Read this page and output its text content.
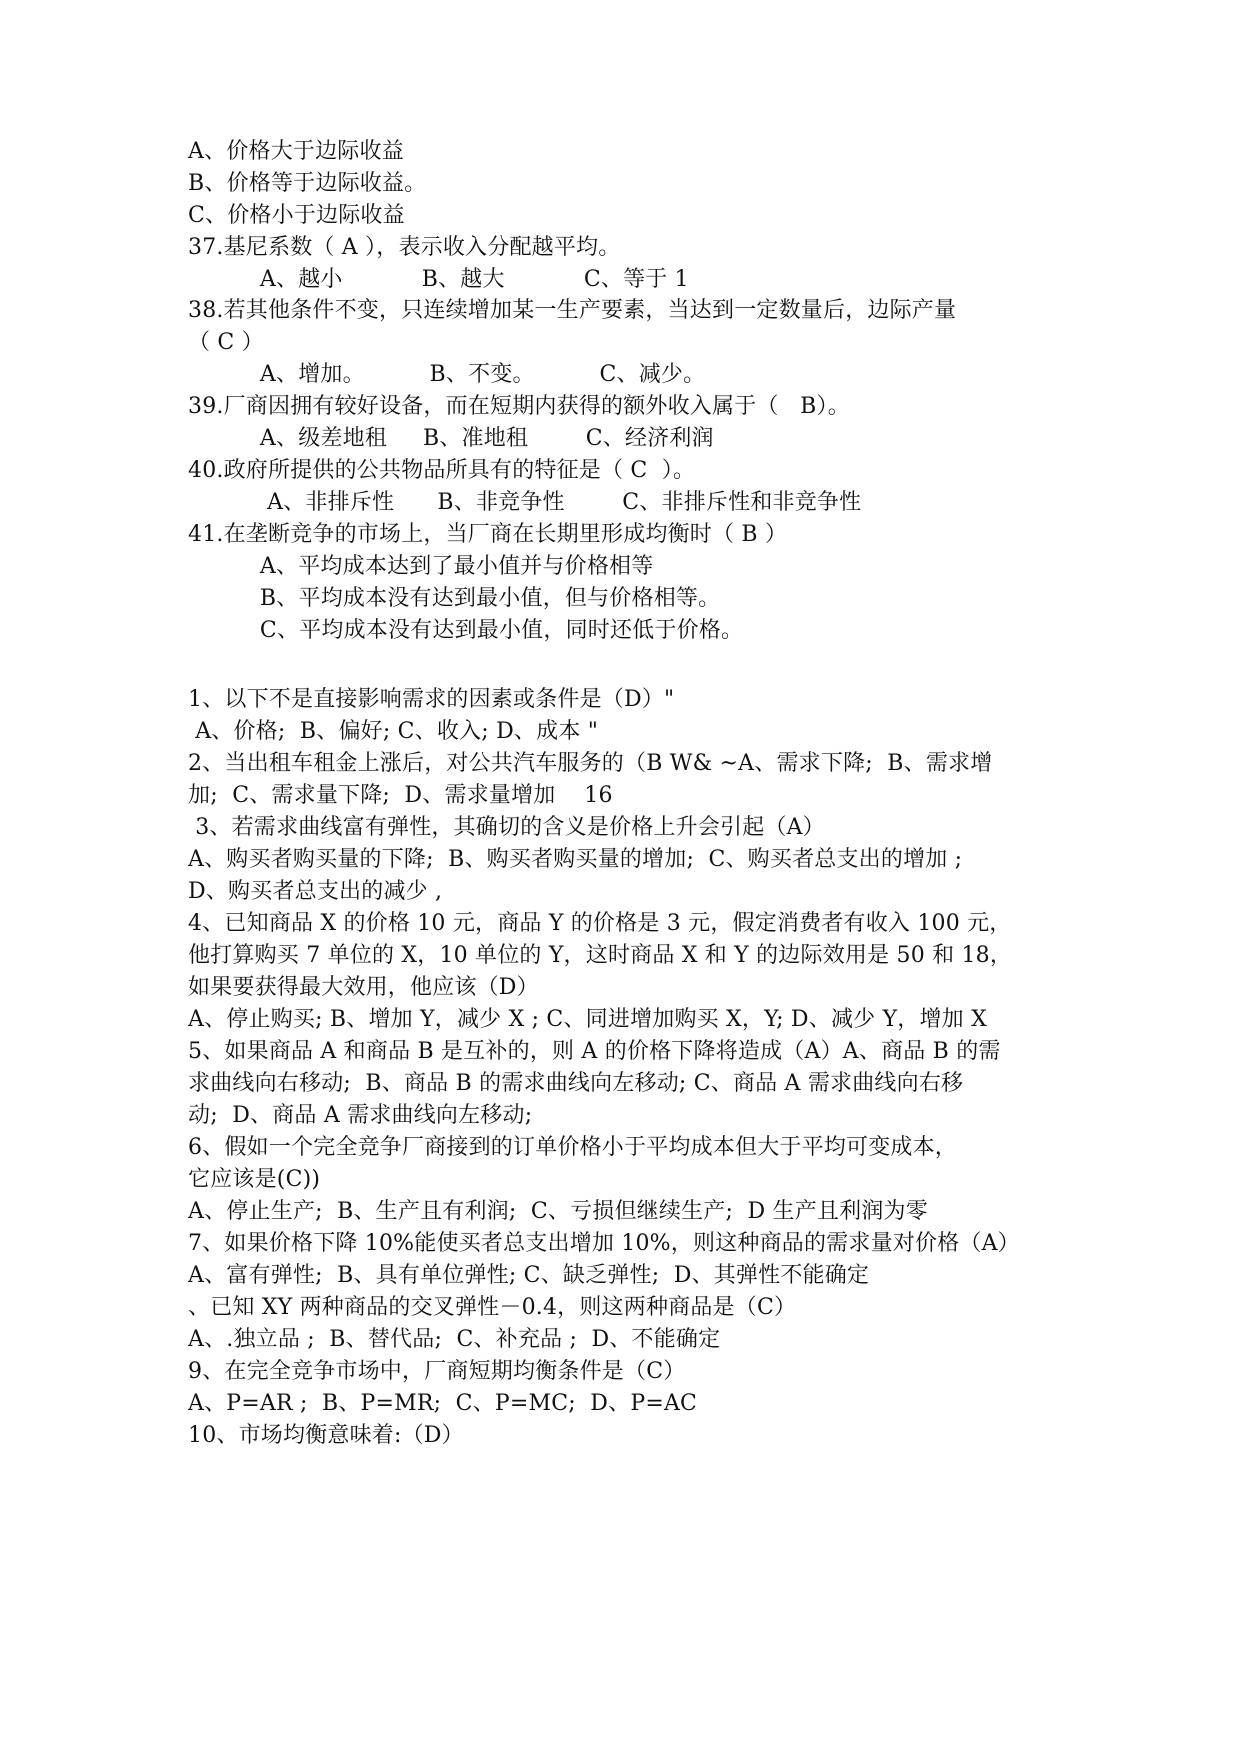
A、价格大于边际收益
B、价格等于边际收益。
C、价格小于边际收益
37.基尼系数（ A ），表示收入分配越平均。
A、越小           B、越大           C、等于 1
38.若其他条件不变，只连续增加某一生产要素，当达到一定数量后，边际产量
（ C ）
A、增加。         B、不变。         C、减少。
39.厂商因拥有较好设备，而在短期内获得的额外收入属于（   B）。
A、级差地租     B、准地租        C、经济利润
40.政府所提供的公共物品所具有的特征是（ C  ）。
A、非排斥性      B、非竞争性        C、非排斥性和非竞争性
41.在垄断竞争的市场上，当厂商在长期里形成均衡时（ B ）
A、平均成本达到了最小值并与价格相等
B、平均成本没有达到最小值，但与价格相等。
C、平均成本没有达到最小值，同时还低于价格。
1、以下不是直接影响需求的因素或条件是（D）"
A、价格;  B、偏好; C、收入; D、成本 "
2、当出租车租金上涨后，对公共汽车服务的（B W& ~A、需求下降;  B、需求增
加;  C、需求量下降;  D、需求量增加    16
3、若需求曲线富有弹性，其确切的含义是价格上升会引起（A）
A、购买者购买量的下降;  B、购买者购买量的增加;  C、购买者总支出的增加 ;
D、购买者总支出的减少 ,
4、已知商品 X 的价格 10 元，商品 Y 的价格是 3 元，假定消费者有收入 100 元，
他打算购买 7 单位的 X，10 单位的 Y，这时商品 X 和 Y 的边际效用是 50 和 18，
如果要获得最大效用，他应该（D）
A、停止购买; B、增加 Y，减少 X ; C、同进增加购买 X，Y; D、减少 Y，增加 X
5、如果商品 A 和商品 B 是互补的，则 A 的价格下降将造成（A）A、商品 B 的需
求曲线向右移动;  B、商品 B 的需求曲线向左移动; C、商品 A 需求曲线向右移
动;  D、商品 A 需求曲线向左移动;
6、假如一个完全竞争厂商接到的订单价格小于平均成本但大于平均可变成本，
它应该是(C))
A、停止生产;  B、生产且有利润;  C、亏损但继续生产;  D 生产且利润为零
7、如果价格下降 10%能使买者总支出增加 10%，则这种商品的需求量对价格（A）
A、富有弹性;  B、具有单位弹性; C、缺乏弹性;  D、其弹性不能确定
、已知 XY 两种商品的交叉弹性－0.4，则这两种商品是（C）
A、.独立品 ;  B、替代品;  C、补充品 ;  D、不能确定
9、在完全竞争市场中，厂商短期均衡条件是（C）
A、P=AR ;  B、P=MR;  C、P=MC;  D、P=AC
10、市场均衡意味着:（D）
